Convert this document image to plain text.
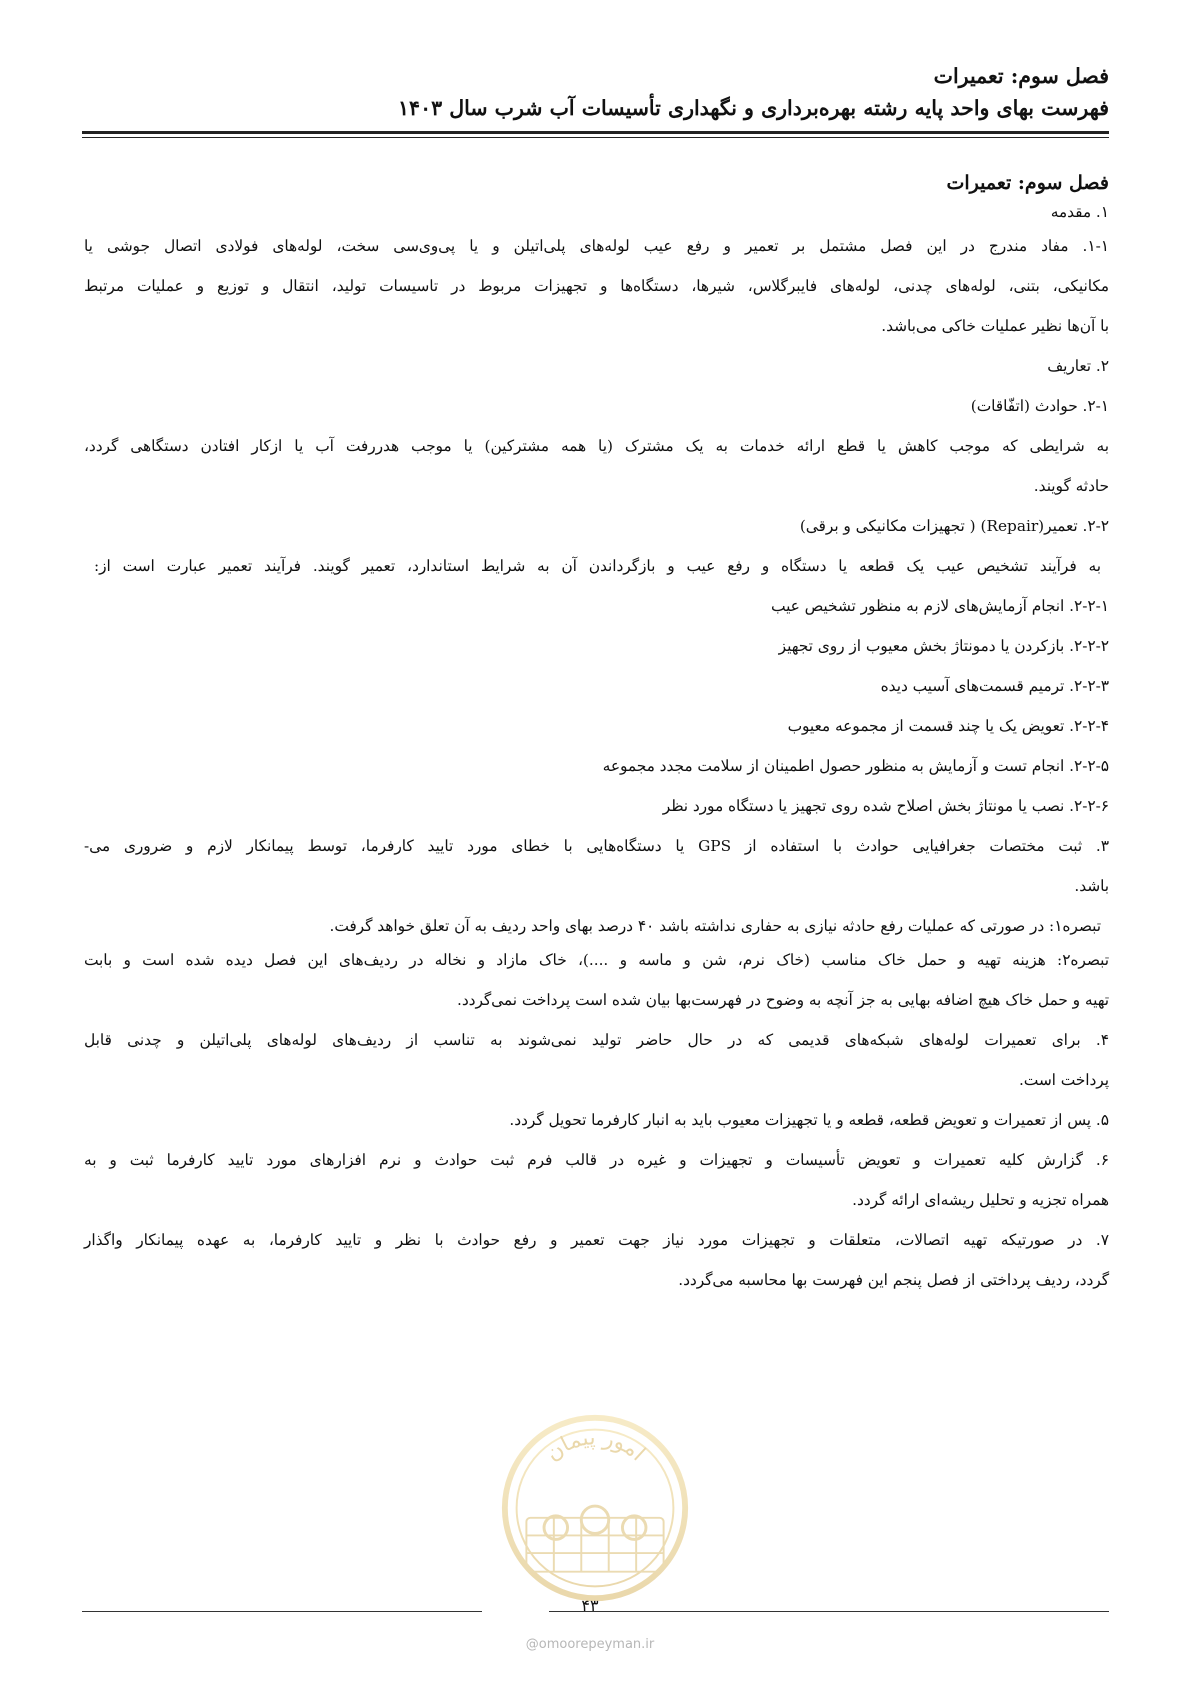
فصل سوم: تعمیرات
فهرست بهای واحد پایه رشته بهره‌برداری و نگهداری تأسیسات آب شرب سال ۱۴۰۳
فصل سوم: تعمیرات
۱. مقدمه
۱-۱. مفاد مندرج در این فصل مشتمل بر تعمیر و رفع عیب لوله‌های پلی‌اتیلن و یا پی‌وی‌سی سخت، لوله‌های فولادی اتصال جوشی یا
مکانیکی، بتنی، لوله‌های چدنی، لوله‌های فایبرگلاس، شیرها، دستگاه‌ها و تجهیزات مربوط در تاسیسات تولید، انتقال و توزیع و عملیات مرتبط
با آن‌ها نظیر عملیات خاکی می‌باشد.
۲. تعاریف
۲-۱. حوادث (اتفّاقات)
به شرایطی که موجب کاهش یا قطع ارائه خدمات به یک مشترک (یا همه مشترکین) یا موجب هدررفت آب یا ازکار افتادن دستگاهی گردد،
حادثه گویند.
۲-۲. تعمیر(Repair) ( تجهیزات مکانیکی و برقی)
به فرآیند تشخیص عیب یک قطعه یا دستگاه و رفع عیب و بازگرداندن آن به شرایط استاندارد، تعمیر گویند. فرآیند تعمیر عبارت است از:
۲-۲-۱. انجام آزمایش‌های لازم به منظور تشخیص عیب
۲-۲-۲. بازکردن یا دمونتاژ بخش معیوب از روی تجهیز
۲-۲-۳. ترمیم قسمت‌های آسیب دیده
۲-۲-۴. تعویض یک یا چند قسمت از مجموعه معیوب
۲-۲-۵. انجام تست و آزمایش به منظور حصول اطمینان از سلامت مجدد مجموعه
۲-۲-۶. نصب یا مونتاژ بخش اصلاح شده روی تجهیز یا دستگاه مورد نظر
۳. ثبت مختصات جغرافیایی حوادث با استفاده از GPS یا دستگاه‌هایی با خطای مورد تایید کارفرما، توسط پیمانکار لازم و ضروری می-
باشد.
تبصره۱: در صورتی که عملیات رفع حادثه نیازی به حفاری نداشته باشد ۴۰ درصد بهای واحد ردیف به آن تعلق خواهد گرفت.
تبصره۲: هزینه تهیه و حمل خاک مناسب (خاک نرم، شن و ماسه و ....)، خاک مازاد و نخاله در ردیف‌های این فصل دیده شده است و بابت
تهیه و حمل خاک هیچ اضافه بهایی به جز آنچه به وضوح در فهرست‌بها بیان شده است پرداخت نمی‌گردد.
۴. برای تعمیرات لوله‌های شبکه‌های قدیمی که در حال حاضر تولید نمی‌شوند به تناسب از ردیف‌های لوله‌های پلی‌اتیلن و چدنی قابل
پرداخت است.
۵. پس از تعمیرات و تعویض قطعه، قطعه و یا تجهیزات معیوب باید به انبار کارفرما تحویل گردد.
۶. گزارش کلیه تعمیرات و تعویض تأسیسات و تجهیزات و غیره در قالب فرم ثبت حوادث و نرم افزارهای مورد تایید کارفرما ثبت و به
همراه تجزیه و تحلیل ریشه‌ای ارائه گردد.
۷. در صورتیکه تهیه اتصالات، متعلقات و تجهیزات مورد نیاز جهت تعمیر و رفع حوادث با نظر و تایید کارفرما، به عهده پیمانکار واگذار
گردد، ردیف پرداختی از فصل پنجم این فهرست بها محاسبه می‌گردد.
امور پیمان
۴۳
@omoorepeyman.ir
